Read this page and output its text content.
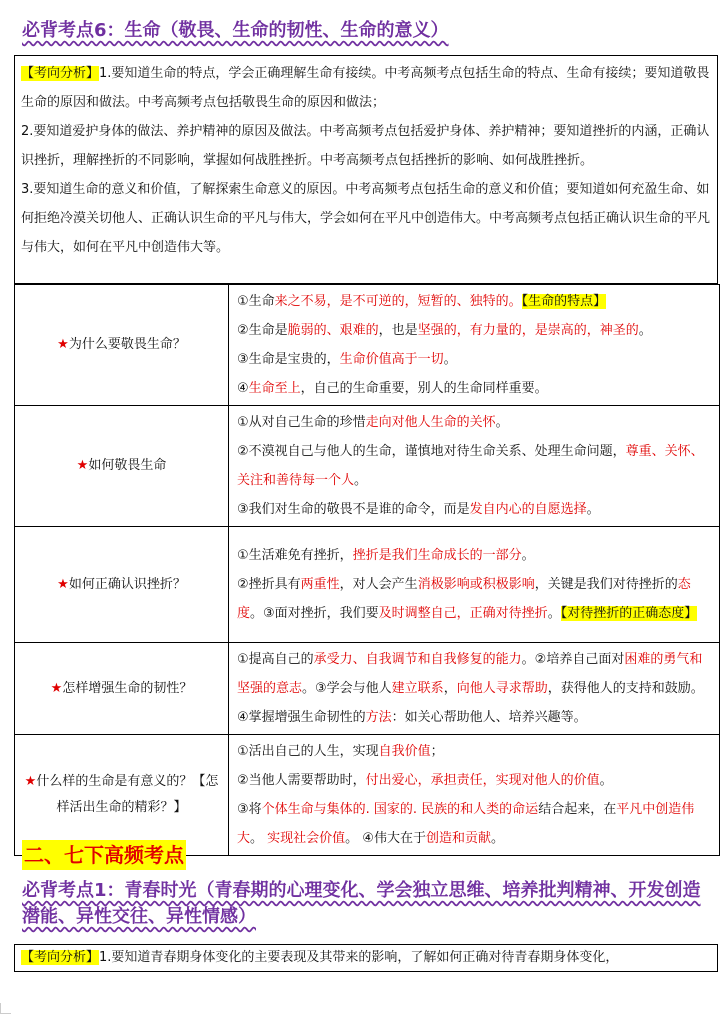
必背考点6：生命（敬畏、生命的韧性、生命的意义）

【考向分析】1.要知道生命的特点，学会正确理解生命有接续。中考高频考点包括生命的特点、生命有接续；要知道敬畏生命的原因和做法。中考高频考点包括敬畏生命的原因和做法；

2.要知道爱护身体的做法、养护精神的原因及做法。中考高频考点包括爱护身体、养护精神；要知道挫折的内涵，正确认识挫折，理解挫折的不同影响，掌握如何战胜挫折。中考高频考点包括挫折的影响、如何战胜挫折。

3.要知道生命的意义和价值，了解探索生命意义的原因。中考高频考点包括生命的意义和价值；要知道如何充盈生命、如何拒绝冷漠关切他人、正确认识生命的平凡与伟大，学会如何在平凡中创造伟大。中考高频考点包括正确认识生命的平凡与伟大，如何在平凡中创造伟大等。

★为什么要敬畏生命？	①生命来之不易，是不可逆的，短暂的、独特的。【生命的特点】
②生命是脆弱的、艰难的，也是坚强的，有力量的，是崇高的，神圣的。
③生命是宝贵的，生命价值高于一切。
④生命至上，自己的生命重要，别人的生命同样重要。

★如何敬畏生命	①从对自己生命的珍惜走向对他人生命的关怀。
②不漠视自己与他人的生命，谨慎地对待生命关系、处理生命问题，尊重、关怀、关注和善待每一个人。
③我们对生命的敬畏不是谁的命令，而是发自内心的自愿选择。

★如何正确认识挫折？	①生活难免有挫折，挫折是我们生命成长的一部分。
②挫折具有两重性，对人会产生消极影响或积极影响，关键是我们对待挫折的态度。③面对挫折，我们要及时调整自己，正确对待挫折。【对待挫折的正确态度】

★怎样增强生命的韧性？	①提高自己的承受力、自我调节和自我修复的能力。②培养自己面对困难的勇气和坚强的意志。③学会与他人建立联系，向他人寻求帮助，获得他人的支持和鼓励。④掌握增强生命韧性的方法：如关心帮助他人、培养兴趣等。

★什么样的生命是有意义的？【怎样活出生命的精彩？】	①活出自己的人生，实现自我价值；
②当他人需要帮助时，付出爱心，承担责任，实现对他人的价值。
③将个体生命与集体的. 国家的. 民族的和人类的命运结合起来，在平凡中创造伟大。 实现社会价值。 ④伟大在于创造和贡献。
二、七下高频考点
必背考点1：青春时光（青春期的心理变化、学会独立思维、培养批判精神、开发创造潜能、异性交往、异性情感）
【考向分析】1.要知道青春期身体变化的主要表现及其带来的影响，了解如何正确对待青春期身体变化，
